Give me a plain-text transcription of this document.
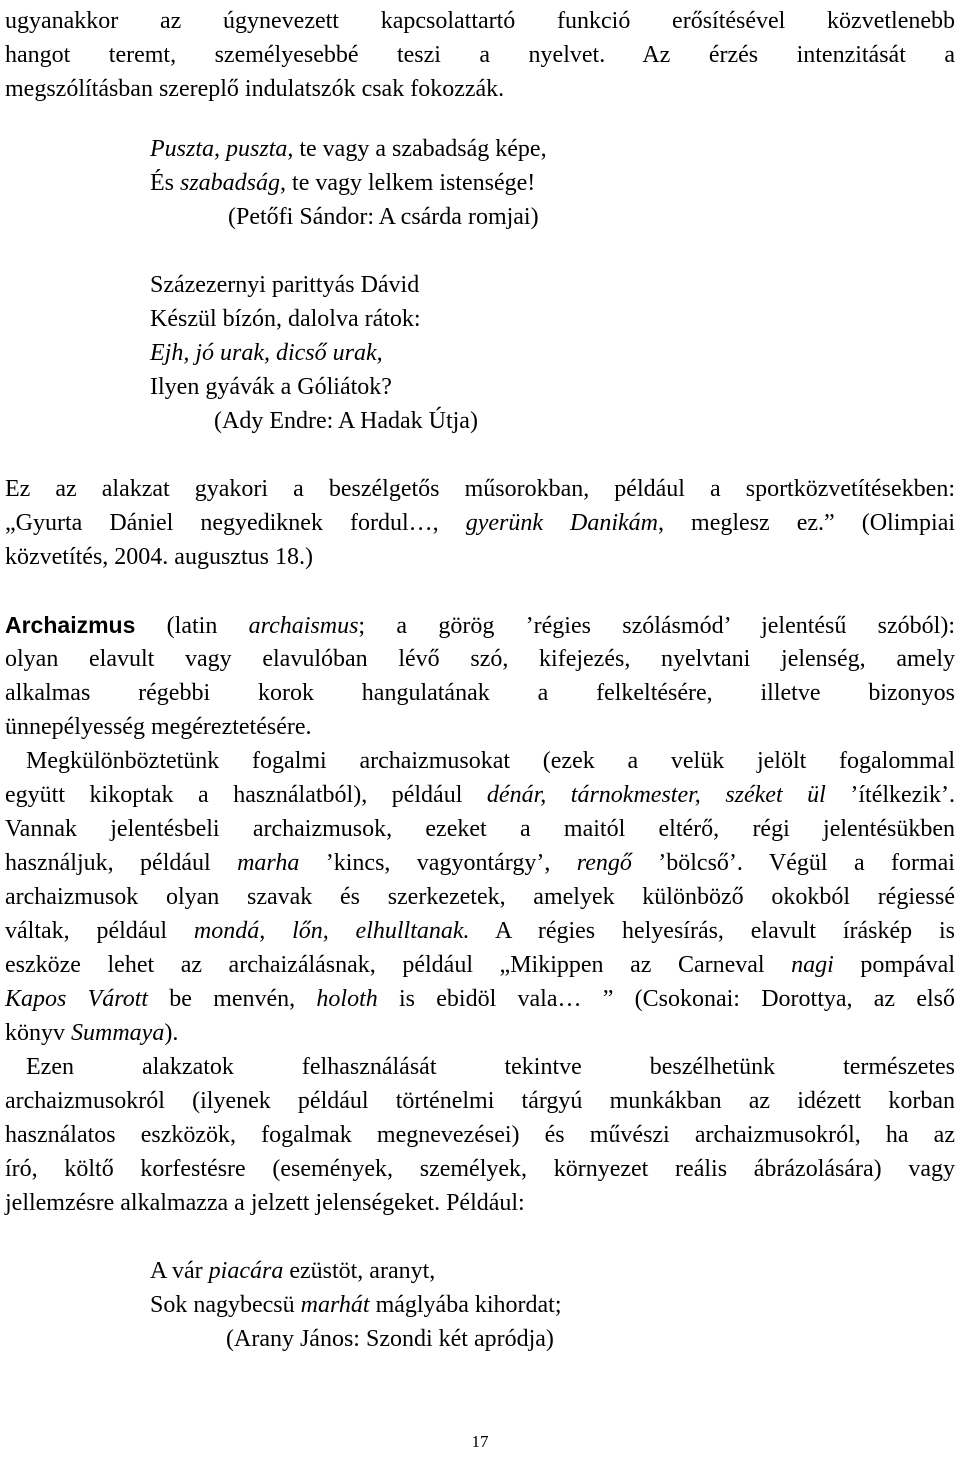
ugyanakkor az úgynevezett kapcsolattartó funkció erősítésével közvetlenebb
hangot teremt, személyesebbé teszi a nyelvet. Az érzés intenzitását a
megszólításban szereplő indulatszók csak fokozzák.
Puszta, puszta, te vagy a szabadság képe,
És szabadság, te vagy lelkem istensége!
(Petőfi Sándor: A csárda romjai)
Százezernyi parittyás Dávid
Készül bízón, dalolva rátok:
Ejh, jó urak, dicső urak,
Ilyen gyávák a Góliátok?
(Ady Endre: A Hadak Útja)
Ez az alakzat gyakori a beszélgetős műsorokban, például a sportközvetítésekben:
„Gyurta Dániel negyediknek fordul…, gyerünk Danikám, meglesz ez.” (Olimpiai
közvetítés, 2004. augusztus 18.)
Archaizmus (latin archaismus; a görög ’régies szólásmód’ jelentésű szóból):
olyan elavult vagy elavulóban lévő szó, kifejezés, nyelvtani jelenség, amely
alkalmas régebbi korok hangulatának a felkeltésére, illetve bizonyos
ünnepélyesség megéreztetésére.
Megkülönböztetünk fogalmi archaizmusokat (ezek a velük jelölt fogalommal
együtt kikoptak a használatból), például dénár, tárnokmester, széket ül ’ítélkezik’.
Vannak jelentésbeli archaizmusok, ezeket a maitól eltérő, régi jelentésükben
használjuk, például marha ’kincs, vagyontárgy’, rengő ’bölcső’. Végül a formai
archaizmusok olyan szavak és szerkezetek, amelyek különböző okokból régiessé
váltak, például mondá, lőn, elhulltanak. A régies helyesírás, elavult íráskép is
eszköze lehet az archaizálásnak, például „Mikippen az Carneval nagi pompával
Kapos Várott be menvén, holoth is ebidöl vala… ” (Csokonai: Dorottya, az első
könyv Summaya).
Ezen alakzatok felhasználását tekintve beszélhetünk természetes
archaizmusokról (ilyenek például történelmi tárgyú munkákban az idézett korban
használatos eszközök, fogalmak megnevezései) és művészi archaizmusokról, ha az
író, költő korfestésre (események, személyek, környezet reális ábrázolására) vagy
jellemzésre alkalmazza a jelzett jelenségeket. Például:
A vár piacára ezüstöt, aranyt,
Sok nagybecsü marhát máglyába kihordat;
(Arany János: Szondi két apródja)
17
